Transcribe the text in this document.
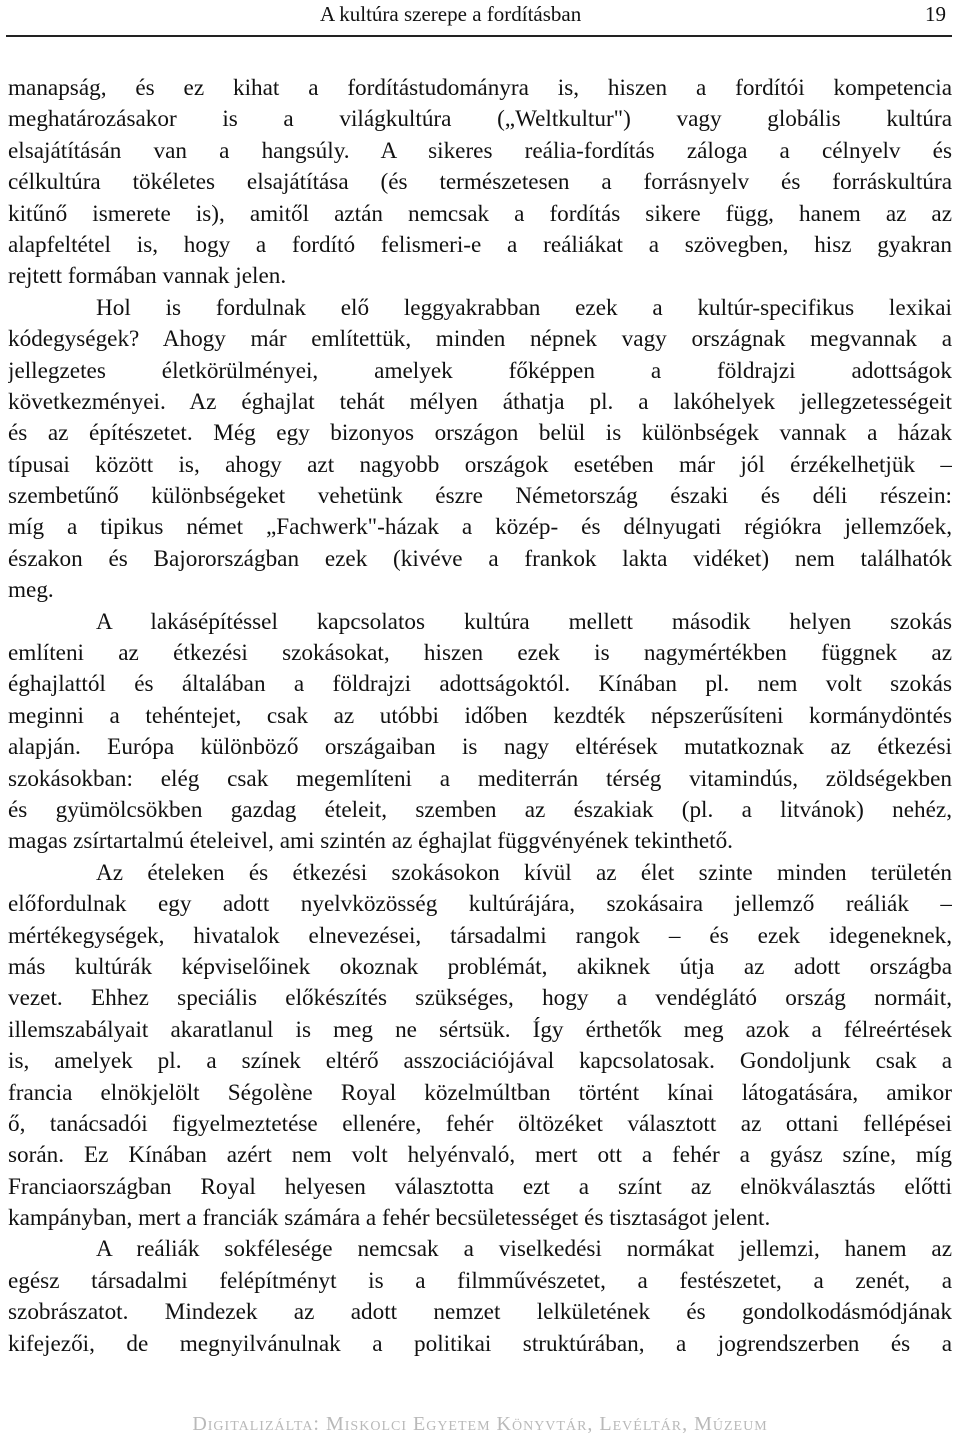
A kultúra szerepe a fordításban	19
manapság, és ez kihat a fordítástudományra is, hiszen a fordítói kompetencia
meghatározásakor is a világkultúra („Weltkultur") vagy globális kultúra
elsajátításán van a hangsúly. A sikeres reália-fordítás záloga a célnyelv és
célkultúra tökéletes elsajátítása (és természetesen a forrásnyelv és forráskultúra
kitűnő ismerete is), amitől aztán nemcsak a fordítás sikere függ, hanem az az
alapfeltétel is, hogy a fordító felismeri-e a reáliákat a szövegben, hisz gyakran
rejtett formában vannak jelen.
Hol is fordulnak elő leggyakrabban ezek a kultúr-specifikus lexikai
kódegységek? Ahogy már említettük, minden népnek vagy országnak megvannak a
jellegzetes életkörülményei, amelyek főképpen a földrajzi adottságok
következményei. Az éghajlat tehát mélyen áthatja pl. a lakóhelyek jellegzetességeit
és az építészetet. Még egy bizonyos országon belül is különbségek vannak a házak
típusai között is, ahogy azt nagyobb országok esetében már jól érzékelhetjük –
szembetűnő különbségeket vehetünk észre Németország északi és déli részein:
míg a tipikus német „Fachwerk"-házak a közép- és délnyugati régiókra jellemzőek,
északon és Bajorországban ezek (kivéve a frankok lakta vidéket) nem találhatók
meg.
A lakásépítéssel kapcsolatos kultúra mellett második helyen szokás
említeni az étkezési szokásokat, hiszen ezek is nagymértékben függnek az
éghajlattól és általában a földrajzi adottságoktól. Kínában pl. nem volt szokás
meginni a tehéntejet, csak az utóbbi időben kezdték népszerűsíteni kormánydöntés
alapján. Európa különböző országaiban is nagy eltérések mutatkoznak az étkezési
szokásokban: elég csak megemlíteni a mediterrán térség vitamindús, zöldségekben
és gyümölcsökben gazdag ételeit, szemben az északiak (pl. a litvánok) nehéz,
magas zsírtartalmú ételeivel, ami szintén az éghajlat függvényének tekinthető.
Az ételeken és étkezési szokásokon kívül az élet szinte minden területén
előfordulnak egy adott nyelvközösség kultúrájára, szokásaira jellemző reáliák –
mértékegységek, hivatalok elnevezései, társadalmi rangok – és ezek idegeneknek,
más kultúrák képviselőinek okoznak problémát, akiknek útja az adott országba
vezet. Ehhez speciális előkészítés szükséges, hogy a vendéglátó ország normáit,
illemszabályait akaratlanul is meg ne sértsük. Így érthetők meg azok a félreértések
is, amelyek pl. a színek eltérő asszociációjával kapcsolatosak. Gondoljunk csak a
francia elnökjelölt Ségolène Royal közelmúltban történt kínai látogatására, amikor
ő, tanácsadói figyelmeztetése ellenére, fehér öltözéket választott az ottani fellépései
során. Ez Kínában azért nem volt helyénvaló, mert ott a fehér a gyász színe, míg
Franciaországban Royal helyesen választotta ezt a színt az elnökválasztás előtti
kampányban, mert a franciák számára a fehér becsületességet és tisztaságot jelent.
A reáliák sokfélesége nemcsak a viselkedési normákat jellemzi, hanem az
egész társadalmi felépítményt is a filmművészetet, a festészetet, a zenét, a
szobrászatot. Mindezek az adott nemzet lelkületének és gondolkodásmódjának
kifejezői, de megnyilvánulnak a politikai struktúrában, a jogrendszerben és a
Digitalizálta: Miskolci Egyetem Könyvtár, Levéltár, Múzeum
